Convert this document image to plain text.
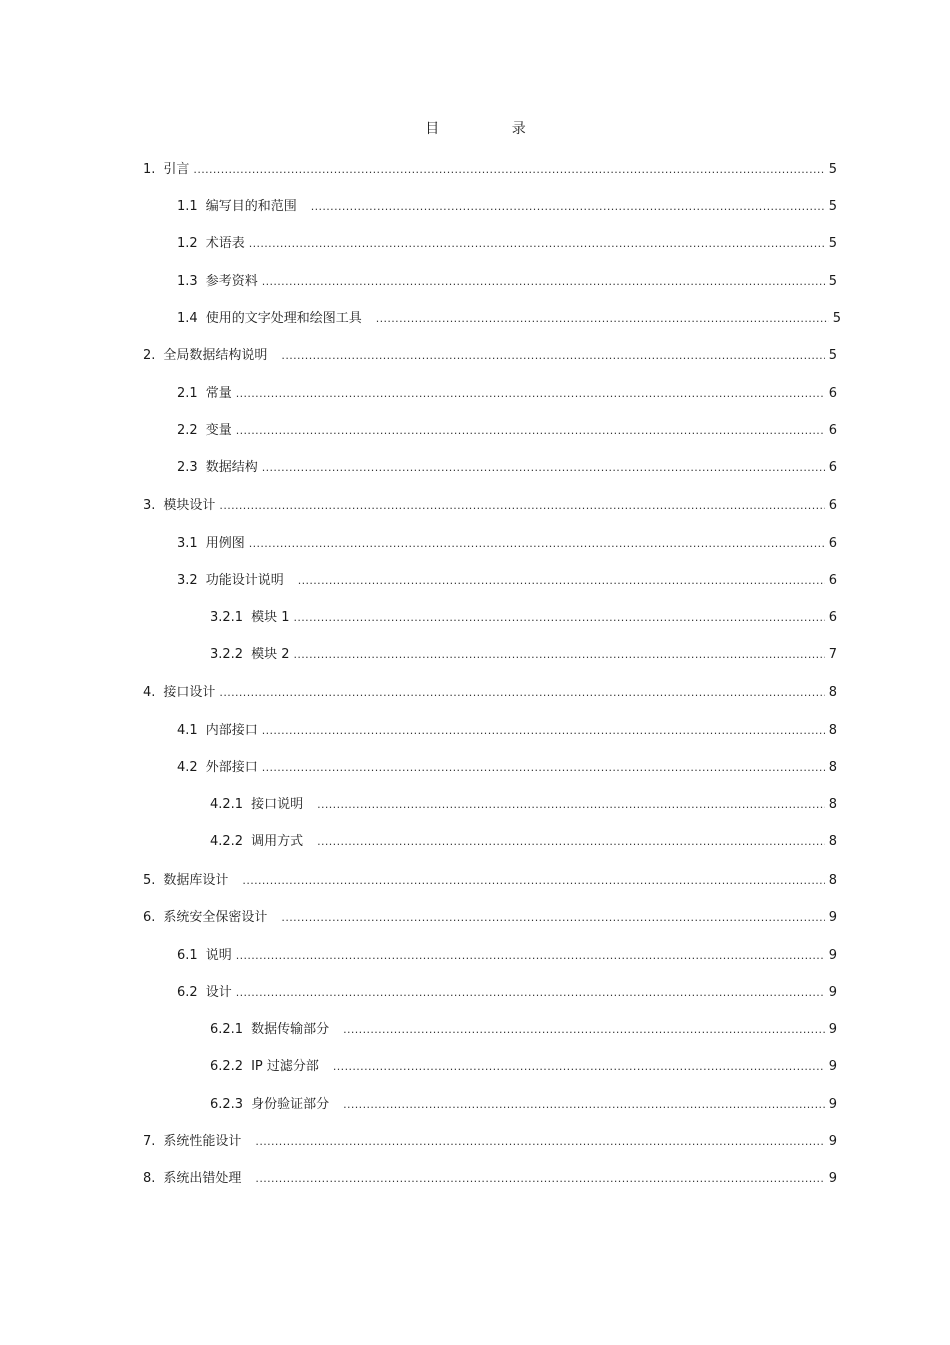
目 录
1. 引言 .....	5
1.1 编写目的和范围 .....	5
1.2 术语表 .....	5
1.3 参考资料 .....	5
1.4 使用的文字处理和绘图工具 .....	5
2. 全局数据结构说明 .....	5
2.1 常量 .....	6
2.2 变量 .....	6
2.3 数据结构 .....	6
3. 模块设计 .....	6
3.1 用例图 .....	6
3.2 功能设计说明 .....	6
3.2.1 模块 1 .....	6
3.2.2 模块 2 .....	7
4. 接口设计 .....	8
4.1 内部接口 .....	8
4.2 外部接口 .....	8
4.2.1 接口说明 .....	8
4.2.2 调用方式 .....	8
5. 数据库设计 .....	8
6. 系统安全保密设计 .....	9
6.1 说明 .....	9
6.2 设计 .....	9
6.2.1 数据传输部分 .....	9
6.2.2 IP 过滤分部 .....	9
6.2.3 身份验证部分 .....	9
7. 系统性能设计 .....	9
8. 系统出错处理 .....	9
